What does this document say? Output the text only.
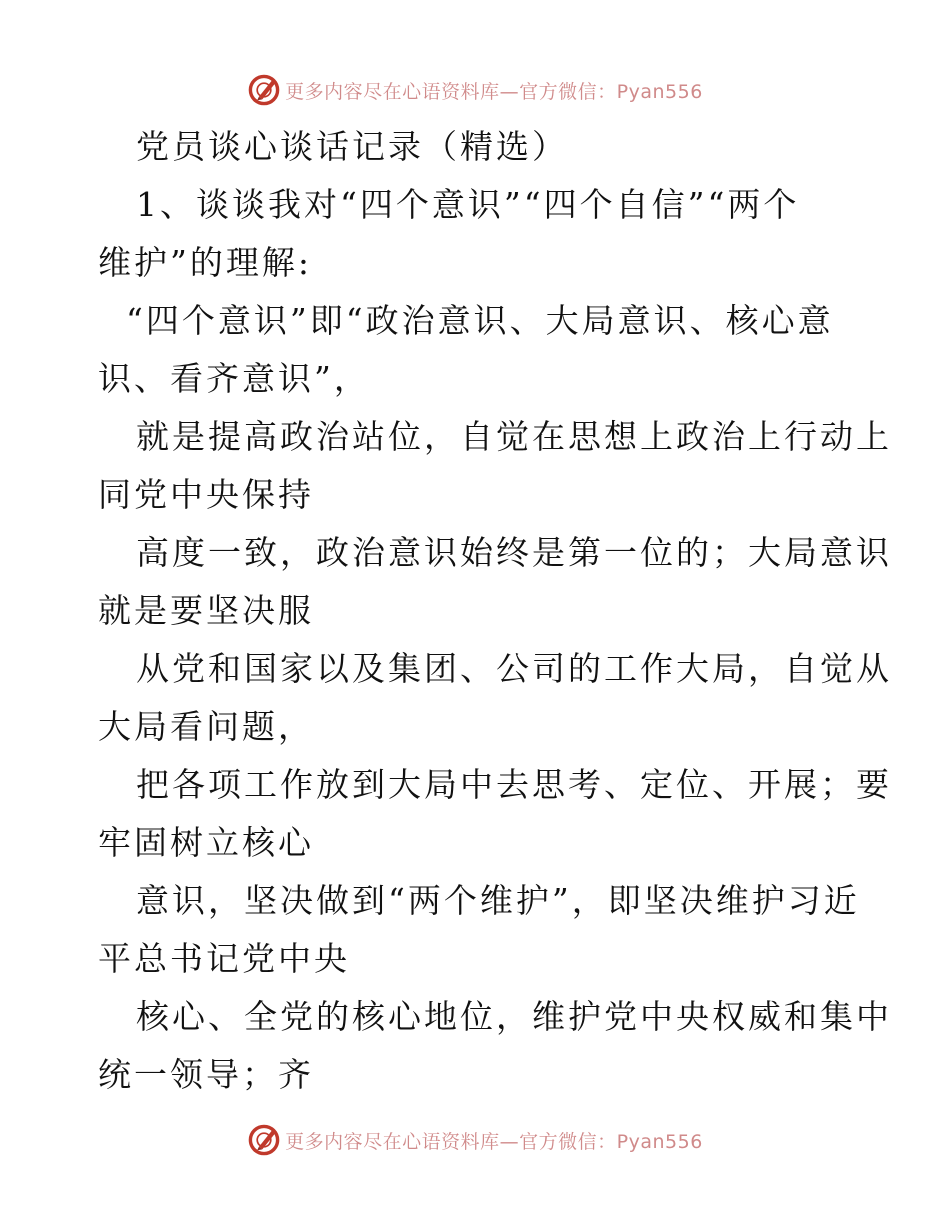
更多内容尽在心语资料库—官方微信：Pyan556
党员谈心谈话记录（精选）
1、谈谈我对“四个意识”“四个自信”“两个
维护”的理解:
“四个意识”即“政治意识、大局意识、核心意
识、看齐意识”，
就是提高政治站位，自觉在思想上政治上行动上
同党中央保持
高度一致，政治意识始终是第一位的；大局意识
就是要坚决服
从党和国家以及集团、公司的工作大局，自觉从
大局看问题，
把各项工作放到大局中去思考、定位、开展；要
牢固树立核心
意识，坚决做到“两个维护”，即坚决维护习近
平总书记党中央
核心、全党的核心地位，维护党中央权威和集中
统一领导；齐
更多内容尽在心语资料库—官方微信：Pyan556
